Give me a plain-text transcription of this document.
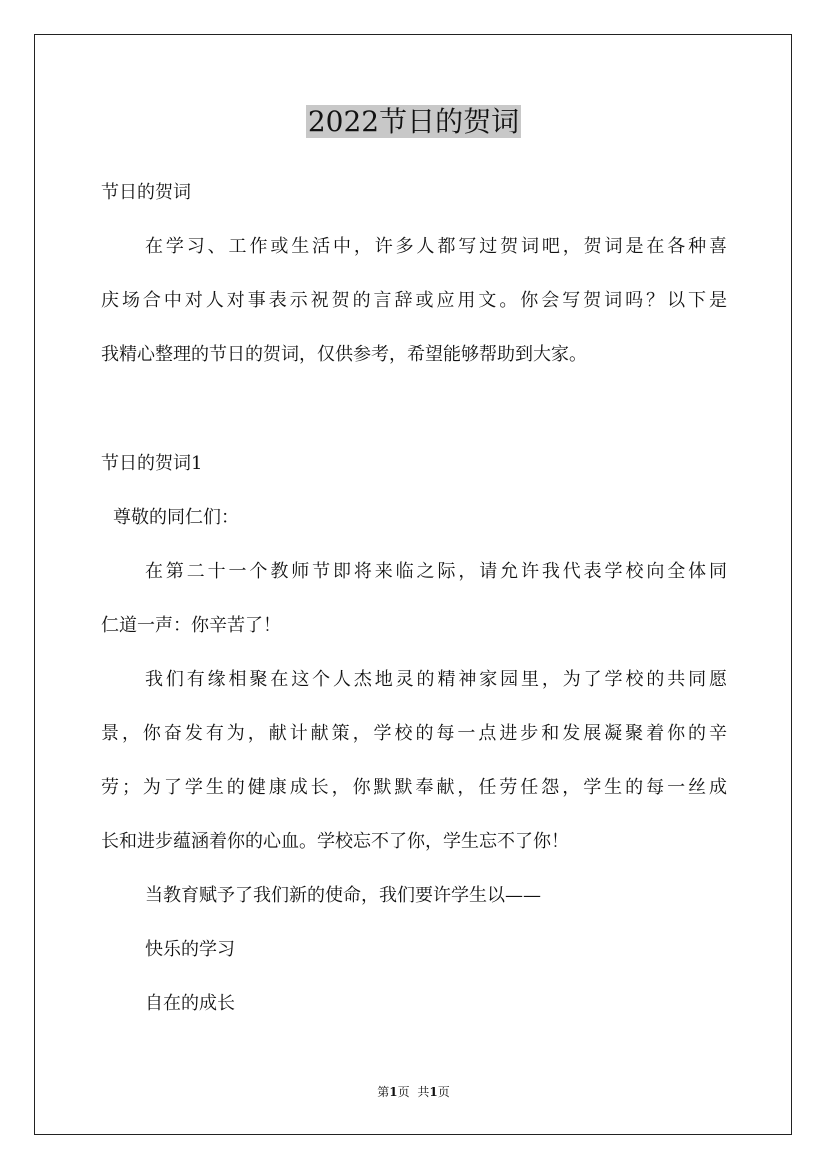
2022节日的贺词
节日的贺词
在学习、工作或生活中，许多人都写过贺词吧，贺词是在各种喜
庆场合中对人对事表示祝贺的言辞或应用文。你会写贺词吗？以下是
我精心整理的节日的贺词，仅供参考，希望能够帮助到大家。
节日的贺词1
尊敬的同仁们：
在第二十一个教师节即将来临之际，请允许我代表学校向全体同
仁道一声：你辛苦了！
我们有缘相聚在这个人杰地灵的精神家园里，为了学校的共同愿
景，你奋发有为，献计献策，学校的每一点进步和发展凝聚着你的辛
劳；为了学生的健康成长，你默默奉献，任劳任怨，学生的每一丝成
长和进步蕴涵着你的心血。学校忘不了你，学生忘不了你！
当教育赋予了我们新的使命，我们要许学生以——
快乐的学习
自在的成长
第1页 共1页
